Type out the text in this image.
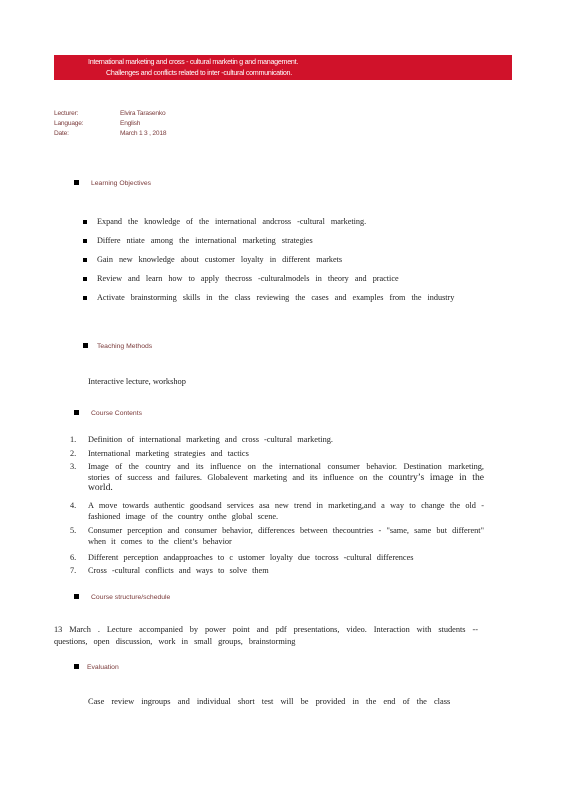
International marketing and cross - cultural marketin g and management.
Challenges and conflicts related to inter -cultural communication.
Lecturer:	Elvira Tarasenko
Language:	English
Date:	March 1 3 , 2018
Learning Objectives
Expand the knowledge of the international andcross -cultural marketing.
Differe ntiate among the international marketing strategies
Gain new knowledge about customer loyalty in different markets
Review and learn how to apply thecross -culturalmodels in theory and practice
Activate brainstorming skills in the class reviewing the cases and examples from the industry
Teaching Methods
Interactive lecture, workshop
Course Contents
1. Definition of international marketing and cross -cultural marketing.
2. International marketing strategies and tactics
3. Image of the country and its influence on the international consumer behavior. Destination marketing, stories of success and failures. Globalevent marketing and its influence on the country’s image in the world.
4. A move towards authentic goodsand services asa new trend in marketing,and a way to change the old -fashioned image of the country onthe global scene.
5. Consumer perception and consumer behavior, differences between thecountries - "same, same but different" when it comes to the client’s behavior
6. Different perception andapproaches to c ustomer loyalty due tocross -cultural differences
7. Cross -cultural conflicts and ways to solve them
Course structure/schedule
13 March . Lecture accompanied by power point and pdf presentations, video. Interaction with students -- questions, open discussion, work in small groups, brainstorming
Evaluation
Case review ingroups and individual short test will be provided in the end of the class
